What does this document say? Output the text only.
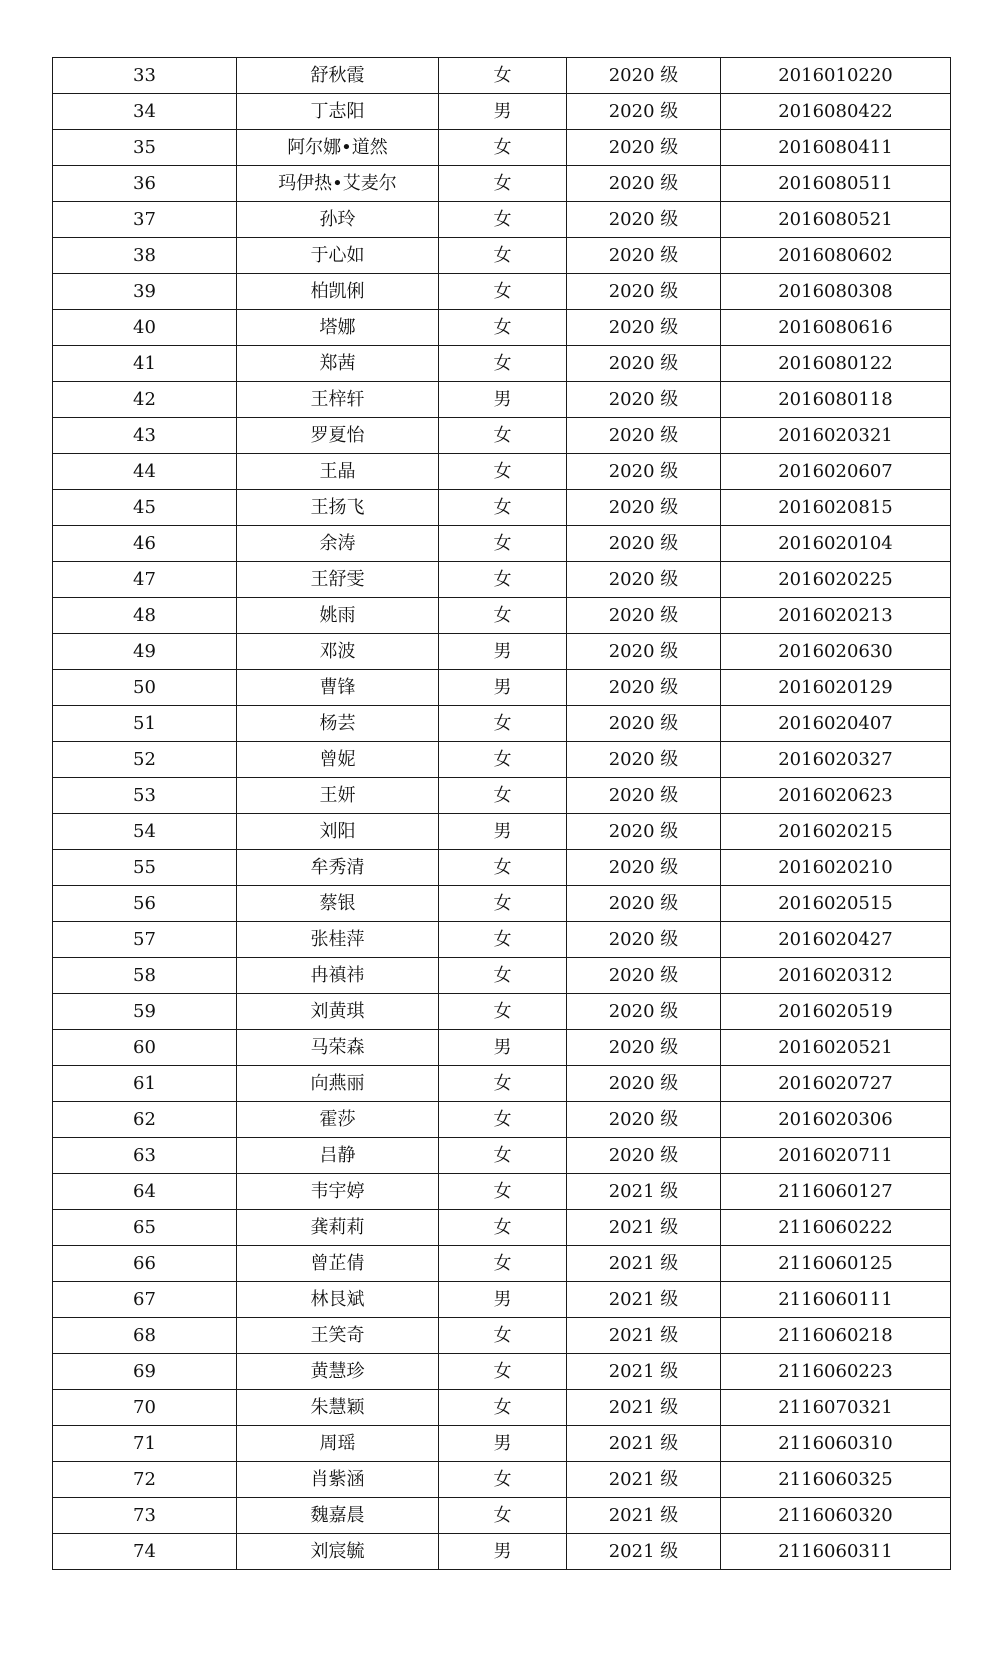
33	舒秋霞	女	2020 级	2016010220
34	丁志阳	男	2020 级	2016080422
35	阿尔娜•道然	女	2020 级	2016080411
36	玛伊热•艾麦尔	女	2020 级	2016080511
37	孙玲	女	2020 级	2016080521
38	于心如	女	2020 级	2016080602
39	柏凯俐	女	2020 级	2016080308
40	塔娜	女	2020 级	2016080616
41	郑茜	女	2020 级	2016080122
42	王梓轩	男	2020 级	2016080118
43	罗夏怡	女	2020 级	2016020321
44	王晶	女	2020 级	2016020607
45	王扬飞	女	2020 级	2016020815
46	余涛	女	2020 级	2016020104
47	王舒雯	女	2020 级	2016020225
48	姚雨	女	2020 级	2016020213
49	邓波	男	2020 级	2016020630
50	曹锋	男	2020 级	2016020129
51	杨芸	女	2020 级	2016020407
52	曾妮	女	2020 级	2016020327
53	王妍	女	2020 级	2016020623
54	刘阳	男	2020 级	2016020215
55	牟秀清	女	2020 级	2016020210
56	蔡银	女	2020 级	2016020515
57	张桂萍	女	2020 级	2016020427
58	冉禛祎	女	2020 级	2016020312
59	刘黄琪	女	2020 级	2016020519
60	马荣森	男	2020 级	2016020521
61	向燕丽	女	2020 级	2016020727
62	霍莎	女	2020 级	2016020306
63	吕静	女	2020 级	2016020711
64	韦宇婷	女	2021 级	2116060127
65	龚莉莉	女	2021 级	2116060222
66	曾芷倩	女	2021 级	2116060125
67	林艮斌	男	2021 级	2116060111
68	王笑奇	女	2021 级	2116060218
69	黄慧珍	女	2021 级	2116060223
70	朱慧颖	女	2021 级	2116070321
71	周瑶	男	2021 级	2116060310
72	肖紫涵	女	2021 级	2116060325
73	魏嘉晨	女	2021 级	2116060320
74	刘宸毓	男	2021 级	2116060311
